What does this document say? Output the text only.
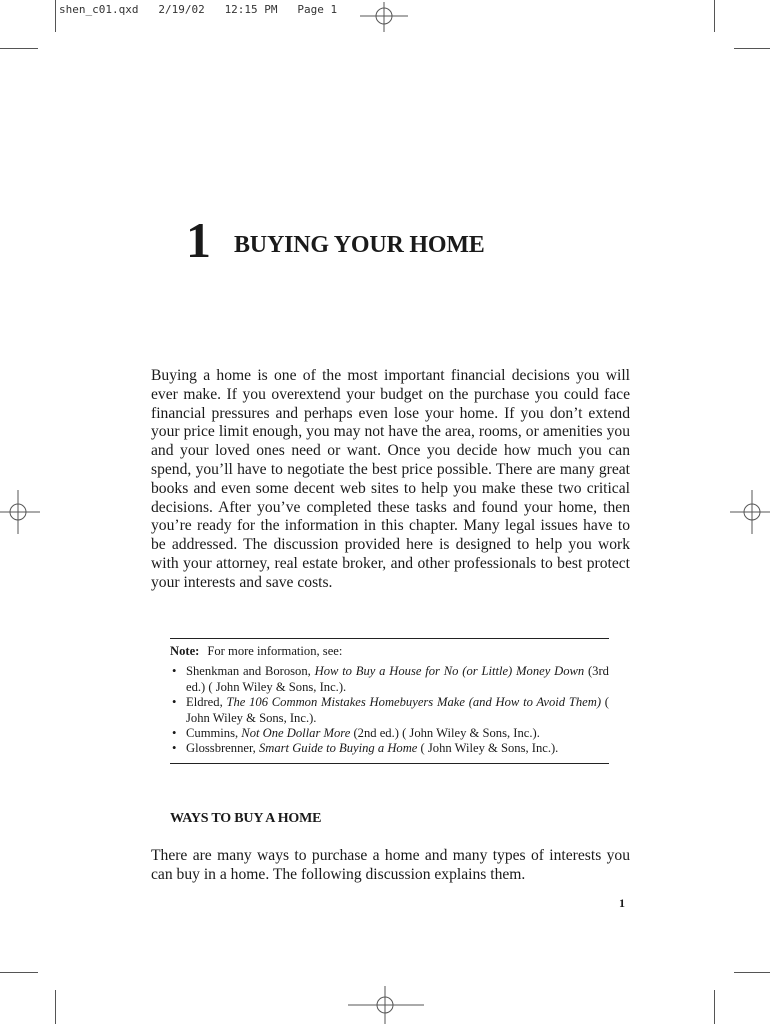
shen_c01.qxd   2/19/02   12:15 PM   Page 1
1 BUYING YOUR HOME

Buying a home is one of the most important financial decisions you will ever make. If you overextend your budget on the purchase you could face financial pressures and perhaps even lose your home. If you don’t extend your price limit enough, you may not have the area, rooms, or amenities you and your loved ones need or want. Once you decide how much you can spend, you’ll have to negotiate the best price possible. There are many great books and even some decent web sites to help you make these two critical decisions. After you’ve completed these tasks and found your home, then you’re ready for the information in this chapter. Many legal issues have to be addressed. The discussion provided here is designed to help you work with your attorney, real estate broker, and other professionals to best protect your interests and save costs.

Note: For more information, see:

• Shenkman and Boroson, How to Buy a House for No (or Little) Money Down (3rd ed.) ( John Wiley & Sons, Inc.).
• Eldred, The 106 Common Mistakes Homebuyers Make (and How to Avoid Them) ( John Wiley & Sons, Inc.).
• Cummins, Not One Dollar More (2nd ed.) ( John Wiley & Sons, Inc.).
• Glossbrenner, Smart Guide to Buying a Home ( John Wiley & Sons, Inc.).
WAYS TO BUY A HOME

There are many ways to purchase a home and many types of interests you can buy in a home. The following discussion explains them.

1
